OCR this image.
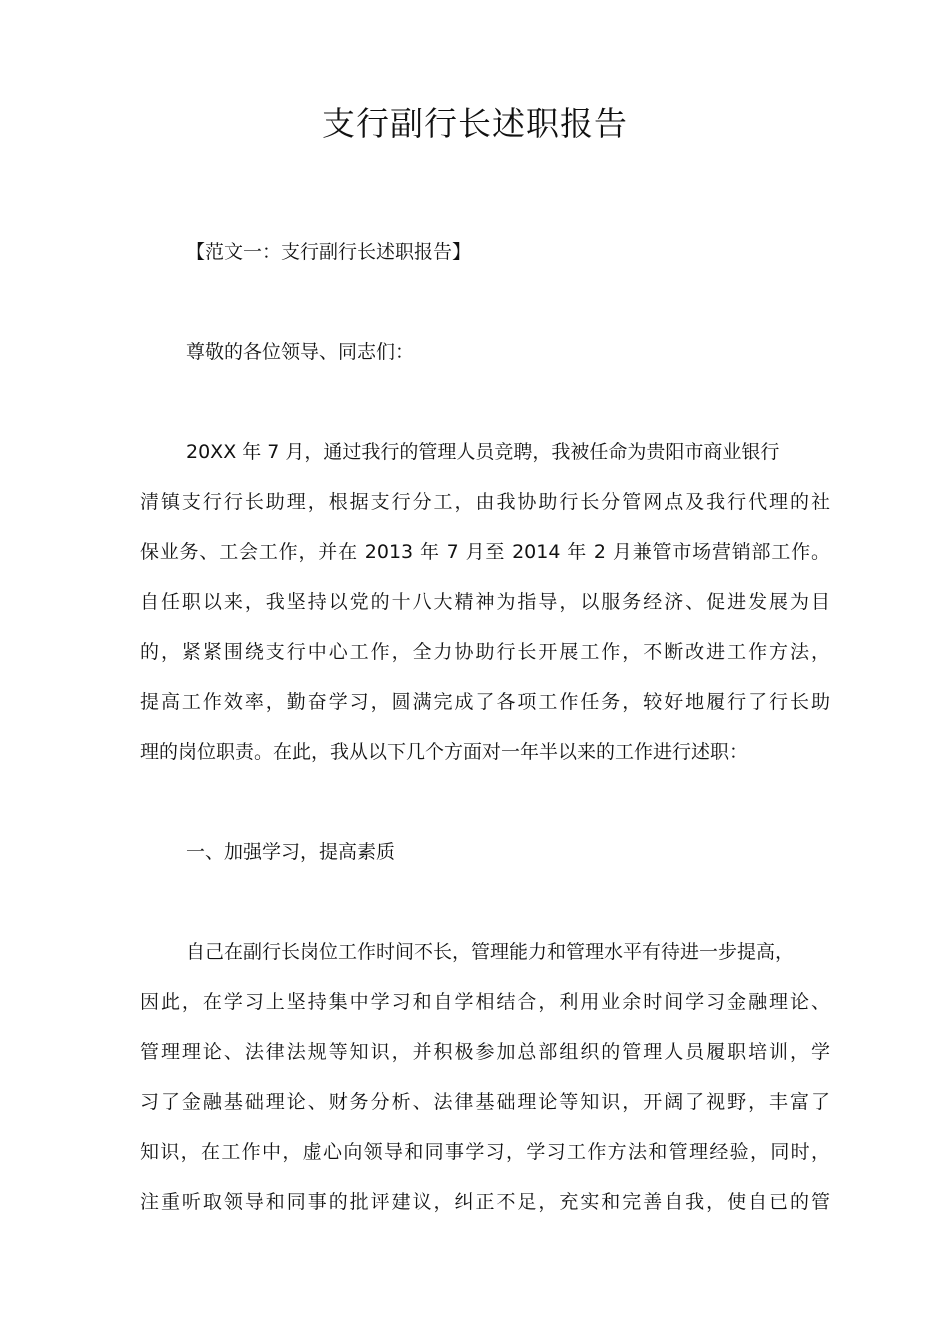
支行副行长述职报告
【范文一：支行副行长述职报告】
尊敬的各位领导、同志们：
20XX 年 7 月，通过我行的管理人员竞聘，我被任命为贵阳市商业银行
清镇支行行长助理，根据支行分工，由我协助行长分管网点及我行代理的社
保业务、工会工作，并在 2013 年 7 月至 2014 年 2 月兼管市场营销部工作。
自任职以来，我坚持以党的十八大精神为指导，以服务经济、促进发展为目
的，紧紧围绕支行中心工作，全力协助行长开展工作，不断改进工作方法，
提高工作效率，勤奋学习，圆满完成了各项工作任务，较好地履行了行长助
理的岗位职责。在此，我从以下几个方面对一年半以来的工作进行述职：
一、加强学习，提高素质
自己在副行长岗位工作时间不长，管理能力和管理水平有待进一步提高，
因此，在学习上坚持集中学习和自学相结合，利用业余时间学习金融理论、
管理理论、法律法规等知识，并积极参加总部组织的管理人员履职培训，学
习了金融基础理论、财务分析、法律基础理论等知识，开阔了视野，丰富了
知识，在工作中，虚心向领导和同事学习，学习工作方法和管理经验，同时，
注重听取领导和同事的批评建议，纠正不足，充实和完善自我，使自已的管
